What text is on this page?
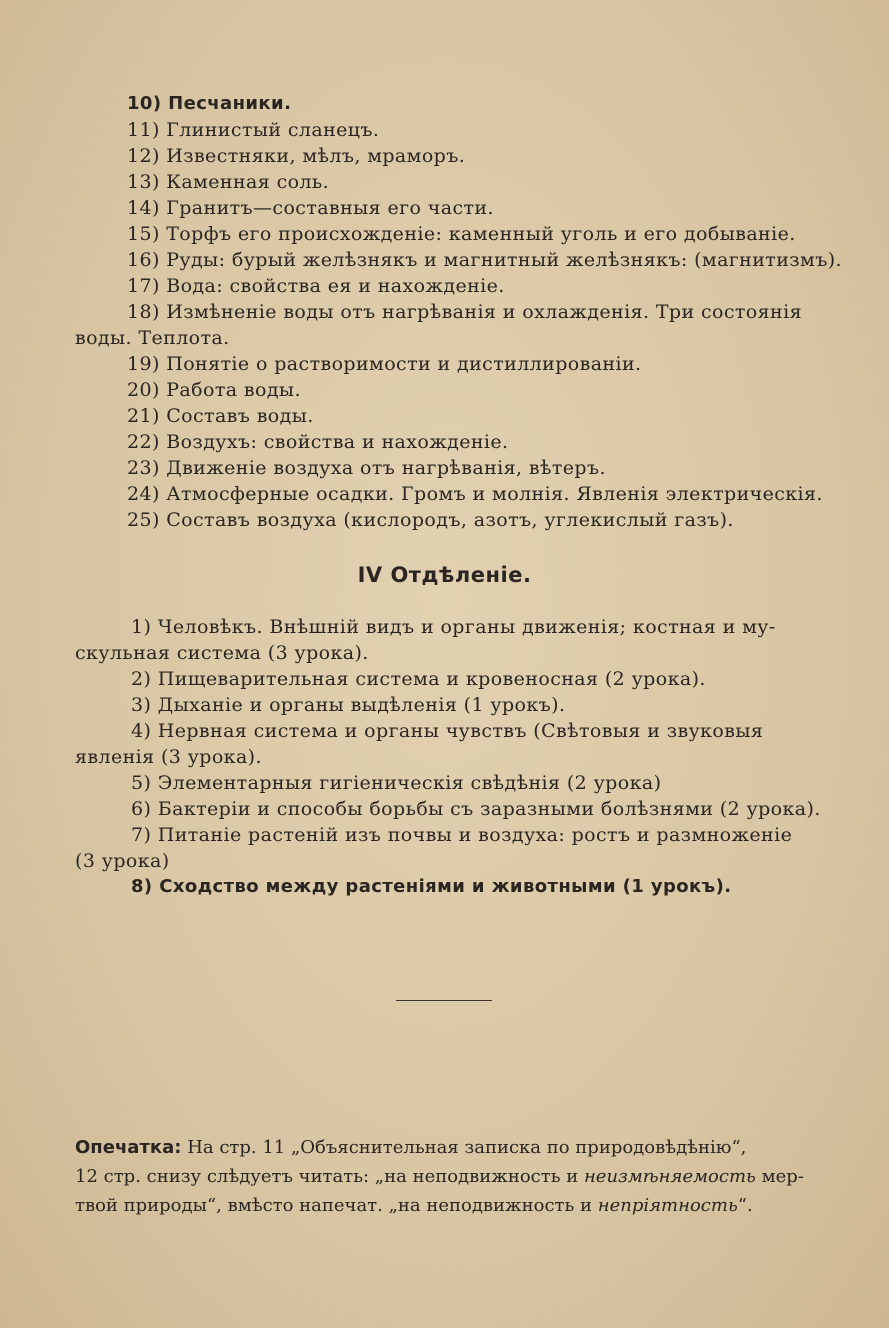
10) Песчаники.
11) Глинистый сланецъ.
12) Известняки, мѣлъ, мраморъ.
13) Каменная соль.
14) Гранитъ—составныя его части.
15) Торфъ его происхожденіе: каменный уголь и его добываніе.
16) Руды: бурый желѣзнякъ и магнитный желѣзнякъ: (магнитизмъ).
17) Вода: свойства ея и нахожденіе.
18) Измѣненіе воды отъ нагрѣванія и охлажденія. Три состоянія
воды. Теплота.
19) Понятіе о растворимости и дистиллированіи.
20) Работа воды.
21) Составъ воды.
22) Воздухъ: свойства и нахожденіе.
23) Движеніе воздуха отъ нагрѣванія, вѣтеръ.
24) Атмосферные осадки. Громъ и молнія. Явленія электрическія.
25) Составъ воздуха (кислородъ, азотъ, углекислый газъ).
IV Отдѣленіе.
1) Человѣкъ. Внѣшній видъ и органы движенія; костная и му-
скульная система (3 урока).
2) Пищеварительная система и кровеносная (2 урока).
3) Дыханіе и органы выдѣленія (1 урокъ).
4) Нервная система и органы чувствъ (Свѣтовыя и звуковыя
явленія (3 урока).
5) Элементарныя гигіеническія свѣдѣнія (2 урока)
6) Бактеріи и способы борьбы съ заразными болѣзнями (2 урока).
7) Питаніе растеній изъ почвы и воздуха: ростъ и размноженіе
(3 урока)
8) Сходство между растеніями и животными (1 урокъ).
Опечатка: На стр. 11 „Объяснительная записка по природовѣдѣнію“,
12 стр. снизу слѣдуетъ читать: „на неподвижность и неизмѣняемость мер-
твой природы“, вмѣсто напечат. „на неподвижность и непріятность“.
